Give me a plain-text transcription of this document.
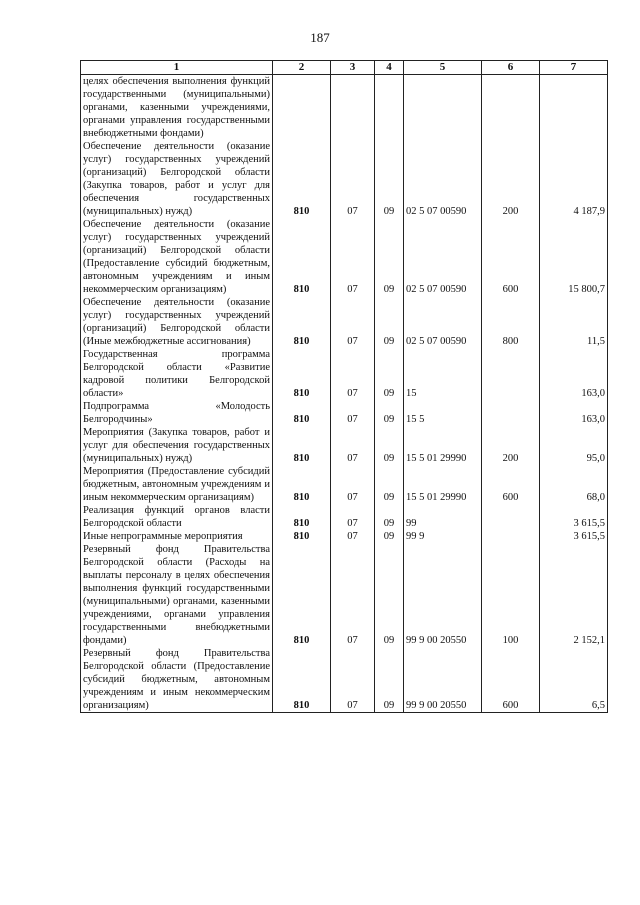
187
1	2	3	4	5	6	7
целях обеспечения выполнения функций государственными (муниципальными) органами, казенными учреждениями, органами управления государственными внебюджетными фондами)						
Обеспечение деятельности (оказание услуг) государственных учреждений (организаций) Белгородской области (Закупка товаров, работ и услуг для обеспечения государственных (муниципальных) нужд)	810	07	09	02 5 07 00590	200	4 187,9
Обеспечение деятельности (оказание услуг) государственных учреждений (организаций) Белгородской области (Предоставление субсидий бюджетным, автономным учреждениям и иным некоммерческим организациям)	810	07	09	02 5 07 00590	600	15 800,7
Обеспечение деятельности (оказание услуг) государственных учреждений (организаций) Белгородской области (Иные межбюджетные ассигнования)	810	07	09	02 5 07 00590	800	11,5
Государственная программа Белгородской области «Развитие кадровой политики Белгородской области»	810	07	09	15		163,0
Подпрограмма «Молодость Белгородчины»	810	07	09	15 5		163,0
Мероприятия (Закупка товаров, работ и услуг для обеспечения государственных (муниципальных) нужд)	810	07	09	15 5 01 29990	200	95,0
Мероприятия (Предоставление субсидий бюджетным, автономным учреждениям и иным некоммерческим организациям)	810	07	09	15 5 01 29990	600	68,0
Реализация функций органов власти Белгородской области	810	07	09	99		3 615,5
Иные непрограммные мероприятия	810	07	09	99 9		3 615,5
Резервный фонд Правительства Белгородской области (Расходы на выплаты персоналу в целях обеспечения выполнения функций государственными (муниципальными) органами, казенными учреждениями, органами управления государственными внебюджетными фондами)	810	07	09	99 9 00 20550	100	2 152,1
Резервный фонд Правительства Белгородской области (Предоставление субсидий бюджетным, автономным учреждениям и иным некоммерческим организациям)	810	07	09	99 9 00 20550	600	6,5
